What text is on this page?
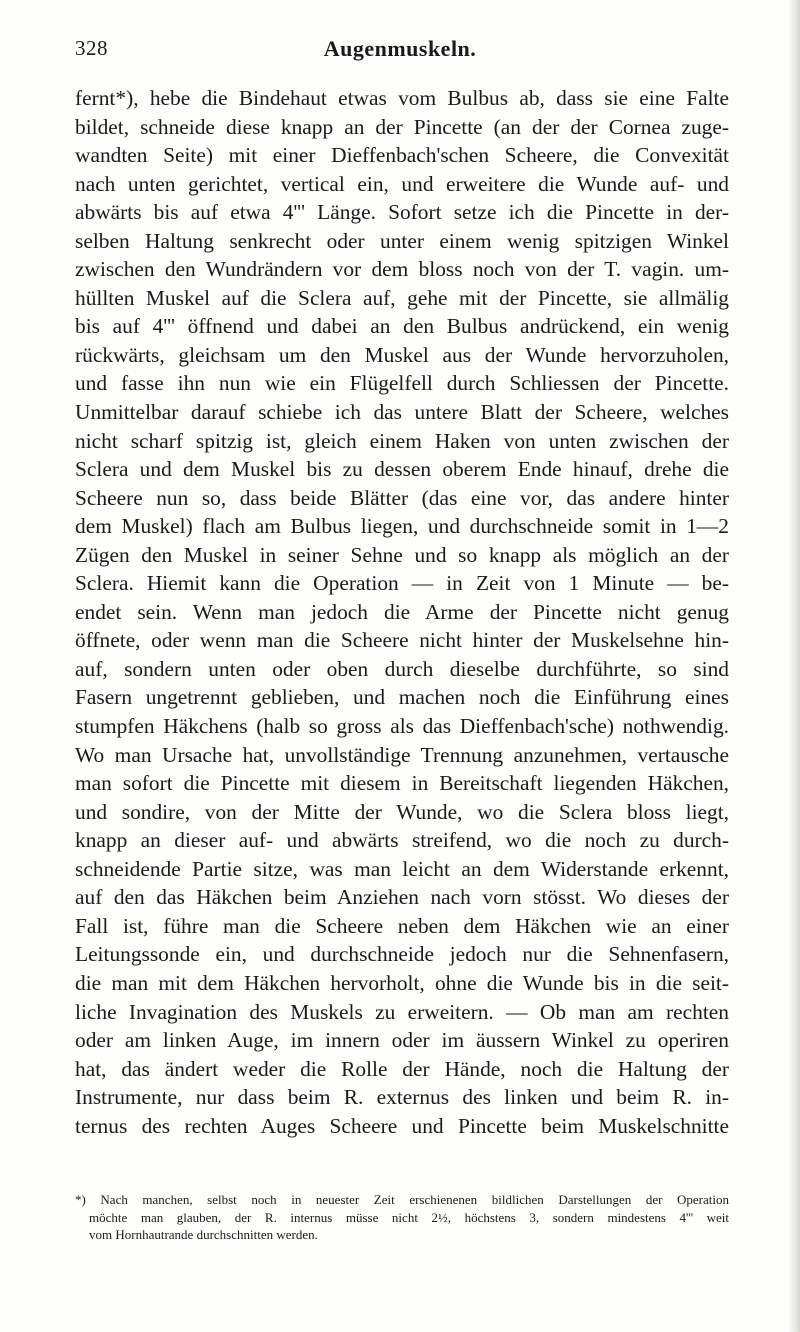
328	Augenmuskeln.
fernt*), hebe die Bindehaut etwas vom Bulbus ab, dass sie eine Falte
bildet, schneide diese knapp an der Pincette (an der der Cornea zuge-
wandten Seite) mit einer Dieffenbach'schen Scheere, die Convexität
nach unten gerichtet, vertical ein, und erweitere die Wunde auf- und
abwärts bis auf etwa 4''' Länge. Sofort setze ich die Pincette in der-
selben Haltung senkrecht oder unter einem wenig spitzigen Winkel
zwischen den Wundrändern vor dem bloss noch von der T. vagin. um-
hüllten Muskel auf die Sclera auf, gehe mit der Pincette, sie allmälig
bis auf 4''' öffnend und dabei an den Bulbus andrückend, ein wenig
rückwärts, gleichsam um den Muskel aus der Wunde hervorzuholen,
und fasse ihn nun wie ein Flügelfell durch Schliessen der Pincette.
Unmittelbar darauf schiebe ich das untere Blatt der Scheere, welches
nicht scharf spitzig ist, gleich einem Haken von unten zwischen der
Sclera und dem Muskel bis zu dessen oberem Ende hinauf, drehe die
Scheere nun so, dass beide Blätter (das eine vor, das andere hinter
dem Muskel) flach am Bulbus liegen, und durchschneide somit in 1—2
Zügen den Muskel in seiner Sehne und so knapp als möglich an der
Sclera. Hiemit kann die Operation — in Zeit von 1 Minute — be-
endet sein. Wenn man jedoch die Arme der Pincette nicht genug
öffnete, oder wenn man die Scheere nicht hinter der Muskelsehne hin-
auf, sondern unten oder oben durch dieselbe durchführte, so sind
Fasern ungetrennt geblieben, und machen noch die Einführung eines
stumpfen Häkchens (halb so gross als das Dieffenbach'sche) nothwendig.
Wo man Ursache hat, unvollständige Trennung anzunehmen, vertausche
man sofort die Pincette mit diesem in Bereitschaft liegenden Häkchen,
und sondire, von der Mitte der Wunde, wo die Sclera bloss liegt,
knapp an dieser auf- und abwärts streifend, wo die noch zu durch-
schneidende Partie sitze, was man leicht an dem Widerstande erkennt,
auf den das Häkchen beim Anziehen nach vorn stösst. Wo dieses der
Fall ist, führe man die Scheere neben dem Häkchen wie an einer
Leitungssonde ein, und durchschneide jedoch nur die Sehnenfasern,
die man mit dem Häkchen hervorholt, ohne die Wunde bis in die seit-
liche Invagination des Muskels zu erweitern. — Ob man am rechten
oder am linken Auge, im innern oder im äussern Winkel zu operiren
hat, das ändert weder die Rolle der Hände, noch die Haltung der
Instrumente, nur dass beim R. externus des linken und beim R. in-
ternus des rechten Auges Scheere und Pincette beim Muskelschnitte
*) Nach manchen, selbst noch in neuester Zeit erschienenen bildlichen Darstellungen der Operation
möchte man glauben, der R. internus müsse nicht 2½, höchstens 3, sondern mindestens 4''' weit
vom Hornhautrande durchschnitten werden.
